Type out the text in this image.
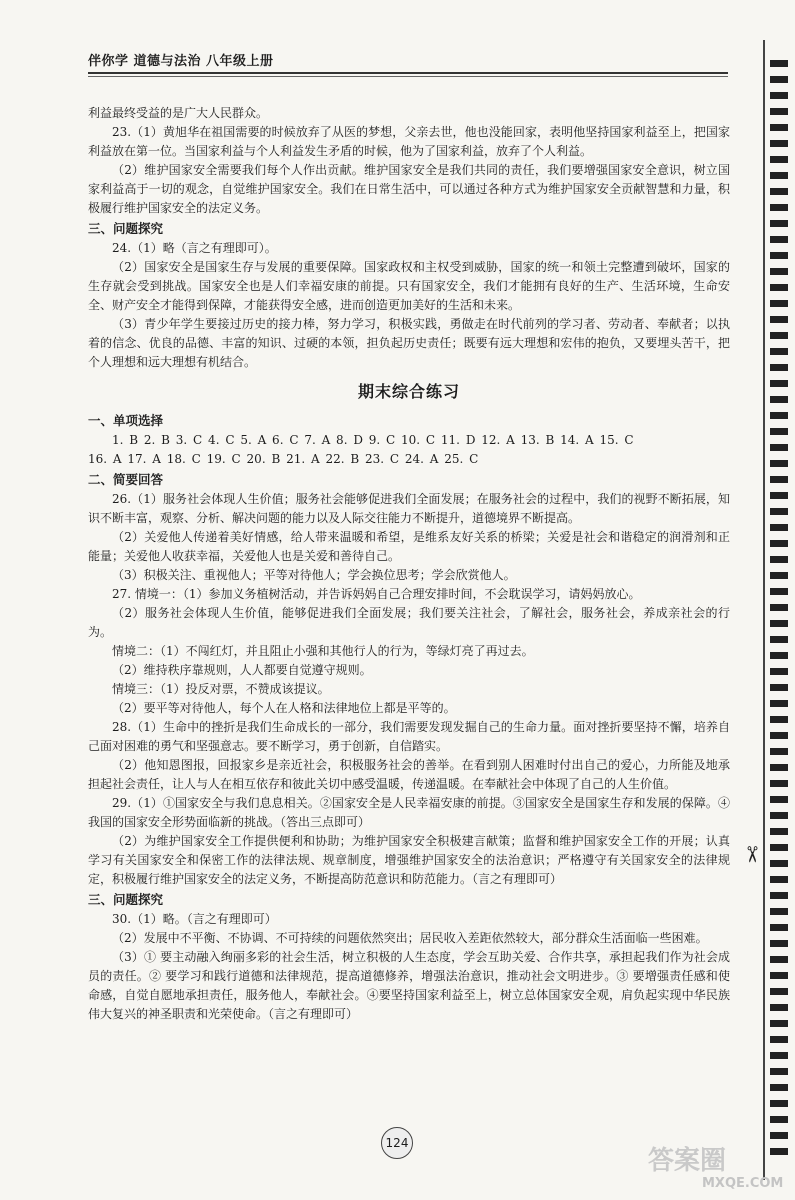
伴你学 道德与法治 八年级上册

利益最终受益的是广大人民群众。

23.（1）黄旭华在祖国需要的时候放弃了从医的梦想，父亲去世，他也没能回家，表明他坚持国家利益至上，把国家利益放在第一位。当国家利益与个人利益发生矛盾的时候，他为了国家利益，放弃了个人利益。

（2）维护国家安全需要我们每个人作出贡献。维护国家安全是我们共同的责任，我们要增强国家安全意识，树立国家利益高于一切的观念，自觉维护国家安全。我们在日常生活中，可以通过各种方式为维护国家安全贡献智慧和力量，积极履行维护国家安全的法定义务。

三、问题探究

24.（1）略（言之有理即可）。

（2）国家安全是国家生存与发展的重要保障。国家政权和主权受到威胁，国家的统一和领土完整遭到破坏，国家的生存就会受到挑战。国家安全也是人们幸福安康的前提。只有国家安全，我们才能拥有良好的生产、生活环境，生命安全、财产安全才能得到保障，才能获得安全感，进而创造更加美好的生活和未来。

（3）青少年学生要接过历史的接力棒，努力学习，积极实践，勇做走在时代前列的学习者、劳动者、奉献者；以执着的信念、优良的品德、丰富的知识、过硬的本领，担负起历史责任；既要有远大理想和宏伟的抱负，又要埋头苦干，把个人理想和远大理想有机结合。

期末综合练习

一、单项选择

1. B 2. B 3. C 4. C 5. A 6. C 7. A 8. D 9. C 10. C 11. D 12. A 13. B 14. A 15. C

16. A 17. A 18. C 19. C 20. B 21. A 22. B 23. C 24. A 25. C

二、简要回答

26.（1）服务社会体现人生价值；服务社会能够促进我们全面发展；在服务社会的过程中，我们的视野不断拓展，知识不断丰富，观察、分析、解决问题的能力以及人际交往能力不断提升，道德境界不断提高。

（2）关爱他人传递着美好情感，给人带来温暖和希望，是维系友好关系的桥梁；关爱是社会和谐稳定的润滑剂和正能量；关爱他人收获幸福，关爱他人也是关爱和善待自己。

（3）积极关注、重视他人；平等对待他人；学会换位思考；学会欣赏他人。

27. 情境一：（1）参加义务植树活动，并告诉妈妈自己合理安排时间，不会耽误学习，请妈妈放心。

（2）服务社会体现人生价值，能够促进我们全面发展；我们要关注社会，了解社会，服务社会，养成亲社会的行为。

情境二：（1）不闯红灯，并且阻止小强和其他行人的行为，等绿灯亮了再过去。

（2）维持秩序靠规则，人人都要自觉遵守规则。

情境三：（1）投反对票，不赞成该提议。

（2）要平等对待他人，每个人在人格和法律地位上都是平等的。

28.（1）生命中的挫折是我们生命成长的一部分，我们需要发现发掘自己的生命力量。面对挫折要坚持不懈，培养自己面对困难的勇气和坚强意志。要不断学习，勇于创新，自信踏实。

（2）他知恩图报，回报家乡是亲近社会，积极服务社会的善举。在看到别人困难时付出自己的爱心，力所能及地承担起社会责任，让人与人在相互依存和彼此关切中感受温暖，传递温暖。在奉献社会中体现了自己的人生价值。

29.（1）①国家安全与我们息息相关。②国家安全是人民幸福安康的前提。③国家安全是国家生存和发展的保障。④我国的国家安全形势面临新的挑战。（答出三点即可）

（2）为维护国家安全工作提供便利和协助；为维护国家安全积极建言献策；监督和维护国家安全工作的开展；认真学习有关国家安全和保密工作的法律法规、规章制度，增强维护国家安全的法治意识；严格遵守有关国家安全的法律规定，积极履行维护国家安全的法定义务，不断提高防范意识和防范能力。（言之有理即可）

三、问题探究

30.（1）略。（言之有理即可）

（2）发展中不平衡、不协调、不可持续的问题依然突出；居民收入差距依然较大，部分群众生活面临一些困难。

（3）① 要主动融入绚丽多彩的社会生活，树立积极的人生态度，学会互助关爱、合作共享，承担起我们作为社会成员的责任。② 要学习和践行道德和法律规范，提高道德修养，增强法治意识，推动社会文明进步。③ 要增强责任感和使命感，自觉自愿地承担责任，服务他人，奉献社会。④要坚持国家利益至上，树立总体国家安全观，肩负起实现中华民族伟大复兴的神圣职责和光荣使命。（言之有理即可）

124
✂
答案圈
MXQE.COM
